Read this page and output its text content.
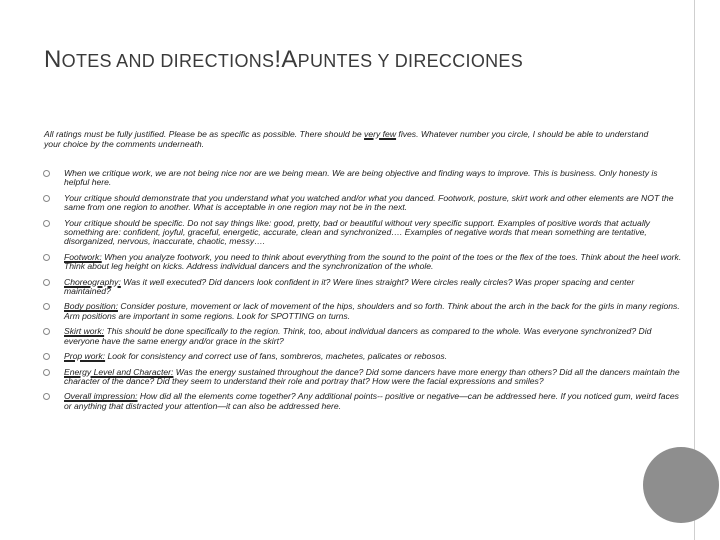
NOTES AND DIRECTIONS!APUNTES Y DIRECCIONES

All ratings must be fully justified. Please be as specific as possible. There should be very few fives. Whatever number you circle, I should be able to understand your choice by the comments underneath.

When we critique work, we are not being nice nor are we being mean. We are being objective and finding ways to improve. This is business. Only honesty is helpful here.
Your critique should demonstrate that you understand what you watched and/or what you danced. Footwork, posture, skirt work and other elements are NOT the same from one region to another. What is acceptable in one region may not be in the next.
Your critique should be specific. Do not say things like: good, pretty, bad or beautiful without very specific support. Examples of positive words that actually something are: confident, joyful, graceful, energetic, accurate, clean and synchronized…. Examples of negative words that mean something are tentative, disorganized, nervous, inaccurate, chaotic, messy….
Footwork: When you analyze footwork, you need to think about everything from the sound to the point of the toes or the flex of the toes. Think about the heel work. Think about leg height on kicks. Address individual dancers and the synchronization of the whole.
Choreography: Was it well executed? Did dancers look confident in it? Were lines straight? Were circles really circles? Was proper spacing and center maintained?
Body position: Consider posture, movement or lack of movement of the hips, shoulders and so forth. Think about the arch in the back for the girls in many regions. Arm positions are important in some regions. Look for SPOTTING on turns.
Skirt work: This should be done specifically to the region. Think, too, about individual dancers as compared to the whole. Was everyone synchronized? Did everyone have the same energy and/or grace in the skirt?
Prop work: Look for consistency and correct use of fans, sombreros, machetes, palicates or rebosos.
Energy Level and Character: Was the energy sustained throughout the dance? Did some dancers have more energy than others? Did all the dancers maintain the character of the dance? Did they seem to understand their role and portray that? How were the facial expressions and smiles?
Overall impression: How did all the elements come together? Any additional points-- positive or negative—can be addressed here. If you noticed gum, weird faces or anything that distracted your attention—it can also be addressed here.
